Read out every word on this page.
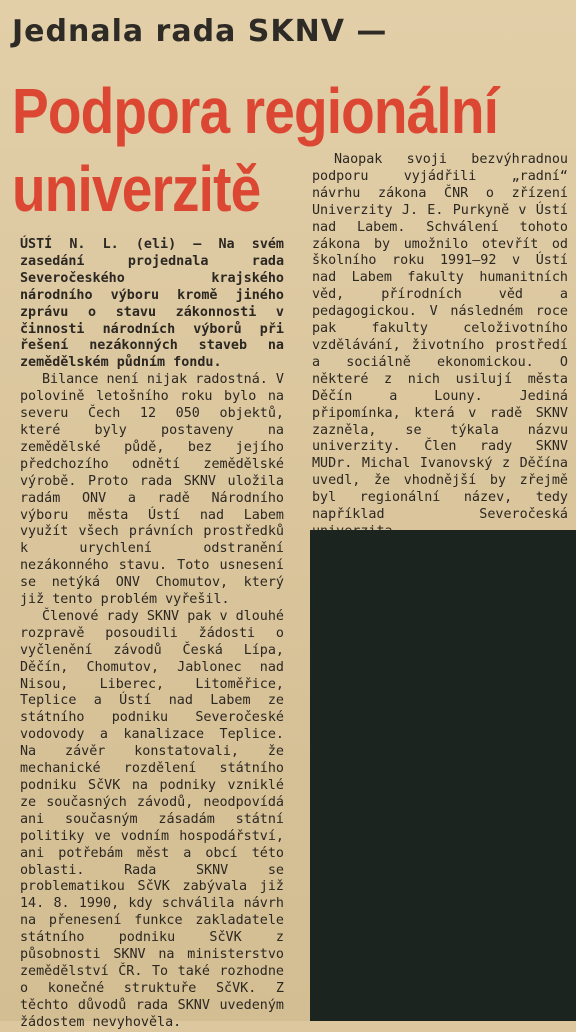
Jednala rada SKNV —
Podpora regionální
univerzitě
ÚSTÍ N. L. (eli) — Na svém zasedání projednala rada Severočeského krajského národního výboru kromě jiného zprávu o stavu zákonnosti v činnosti národních výborů při řešení nezákonných staveb na zemědělském půdním fondu.
Bilance není nijak radostná. V polovině letošního roku bylo na severu Čech 12 050 objektů, které byly postaveny na zemědělské půdě, bez jejího předchozího odnětí zemědělské výrobě. Proto rada SKNV uložila radám ONV a radě Národního výboru města Ústí nad Labem využít všech právních prostředků k urychlení odstranění nezákonného stavu. Toto usnesení se netýká ONV Chomutov, který již tento problém vyřešil.
Členové rady SKNV pak v dlouhé rozpravě posoudili žádosti o vyčlenění závodů Česká Lípa, Děčín, Chomutov, Jablonec nad Nisou, Liberec, Litoměřice, Teplice a Ústí nad Labem ze státního podniku Severočeské vodovody a kanalizace Teplice. Na závěr konstatovali, že mechanické rozdělení státního podniku SčVK na podniky vzniklé ze současných závodů, neodpovídá ani současným zásadám státní politiky ve vodním hospodářství, ani potřebám měst a obcí této oblasti. Rada SKNV se problematikou SčVK zabývala již 14. 8. 1990, kdy schválila návrh na přenesení funkce zakladatele státního podniku SčVK z působnosti SKNV na ministerstvo zemědělství ČR. To také rozhodne o konečné struktuře SčVK. Z těchto důvodů rada SKNV uvedeným žádostem nevyhověla.
Naopak svoji bezvýhradnou podporu vyjádřili „radní“ návrhu zákona ČNR o zřízení Univerzity J. E. Purkyně v Ústí nad Labem. Schválení tohoto zákona by umožnilo otevřít od školního roku 1991—92 v Ústí nad Labem fakulty humanitních věd, přírodních věd a pedagogickou. V následném roce pak fakulty celoživotního vzdělávání, životního prostředí a sociálně ekonomickou. O některé z nich usilují města Děčín a Louny. Jediná připomínka, která v radě SKNV zazněla, se týkala názvu univerzity. Člen rady SKNV MUDr. Michal Ivanovský z Děčína uvedl, že vhodnější by zřejmě byl regionální název, tedy například Severočeská
